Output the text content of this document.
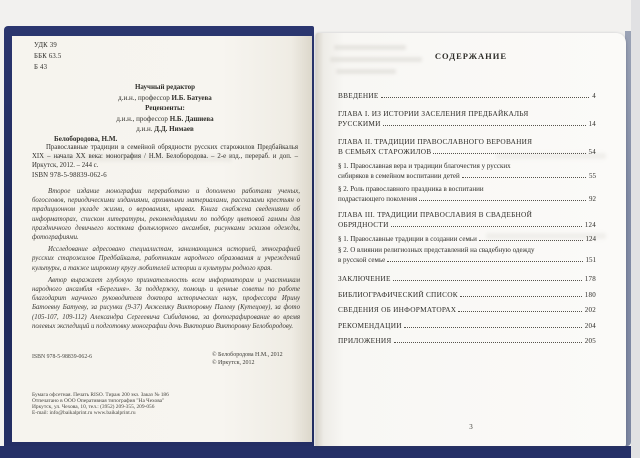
УДК 39
ББК 63.5
Б 43
Научный редактор
д.и.н., профессор И.Б. Батуева
Рецензенты:
д.и.н., профессор Н.Б. Дашиева
д.и.н. Д.Д. Нимаев
Белобородова, Н.М.
Православные традиции в семейной обрядности русских старожилов Предбайкалья XIX – начала XX века: монография / Н.М. Белобородова. – 2-е изд., перераб. и доп. – Иркутск, 2012. – 244 с.
ISBN 978-5-98839-062-6

Второе издание монографии переработано и дополнено работами ученых, богословов, периодическими изданиями, архивными материалами, рассказами крестьян о традиционном укладе жизни, о верованиях, нравах. Книга снабжена сведениями об информаторах, списком литературы, рекомендациями по подбору цветовой гаммы для праздничного девичьего костюма фольклорного ансамбля, рисунками эскизов одежды, фотографиями.

Исследование адресовано специалистам, занимающимся историей, этнографией русских старожилов Предбайкалья, работникам народного образования и учреждений культуры, а также широкому кругу любителей истории и культуры родного края.

Автор выражает глубокую признательность всем информаторам и участникам народного ансамбля «Берегиня». За поддержку, помощь и ценные советы по работе благодарит научного руководителя доктора исторических наук, профессора Ирину Батоевну Батуеву, за рисунки (9-37) Анжелику Викторовну Палеву (Кутецову), за фото (105-107, 109-112) Александра Сергеевича Сибиданова, за фотографирование во время полевых экспедиций и подготовку монографии дочь Викторию Викторовну Белобородову.

ISBN 978-5-98839-062-6	© Белобородова Н.М., 2012
© Иркутск, 2012
Бумага офсетная. Печать RISO. Тираж 200 экз. Заказ № 186
Отпечатано в ООО Оперативная типография "На Чехова"
Иркутск, ул. Чехова, 10, тел.: (3952) 209-355, 209-056
E-mail: info@baikalprint.ru www.baikalprint.ru
СОДЕРЖАНИЕ
ВВЕДЕНИЕ	4
ГЛАВА I. ИЗ ИСТОРИИ ЗАСЕЛЕНИЯ ПРЕДБАЙКАЛЬЯ
РУССКИМИ	14
ГЛАВА II. ТРАДИЦИИ ПРАВОСЛАВНОГО ВЕРОВАНИЯ
В СЕМЬЯХ СТАРОЖИЛОВ	54
§ 1. Православная вера и традиции благочестия у русских
сибиряков в семейном воспитании детей	55
§ 2. Роль православного праздника в воспитании
подрастающего поколения	92
ГЛАВА III. ТРАДИЦИИ ПРАВОСЛАВИЯ В СВАДЕБНОЙ
ОБРЯДНОСТИ	124
§ 1. Православные традиции в создании семьи	124
§ 2. О влиянии религиозных представлений на свадебную одежду
в русской семье	151
ЗАКЛЮЧЕНИЕ	178
БИБЛИОГРАФИЧЕСКИЙ СПИСОК	180
СВЕДЕНИЯ ОБ ИНФОРМАТОРАХ	202
РЕКОМЕНДАЦИИ	204
ПРИЛОЖЕНИЯ	205
3
